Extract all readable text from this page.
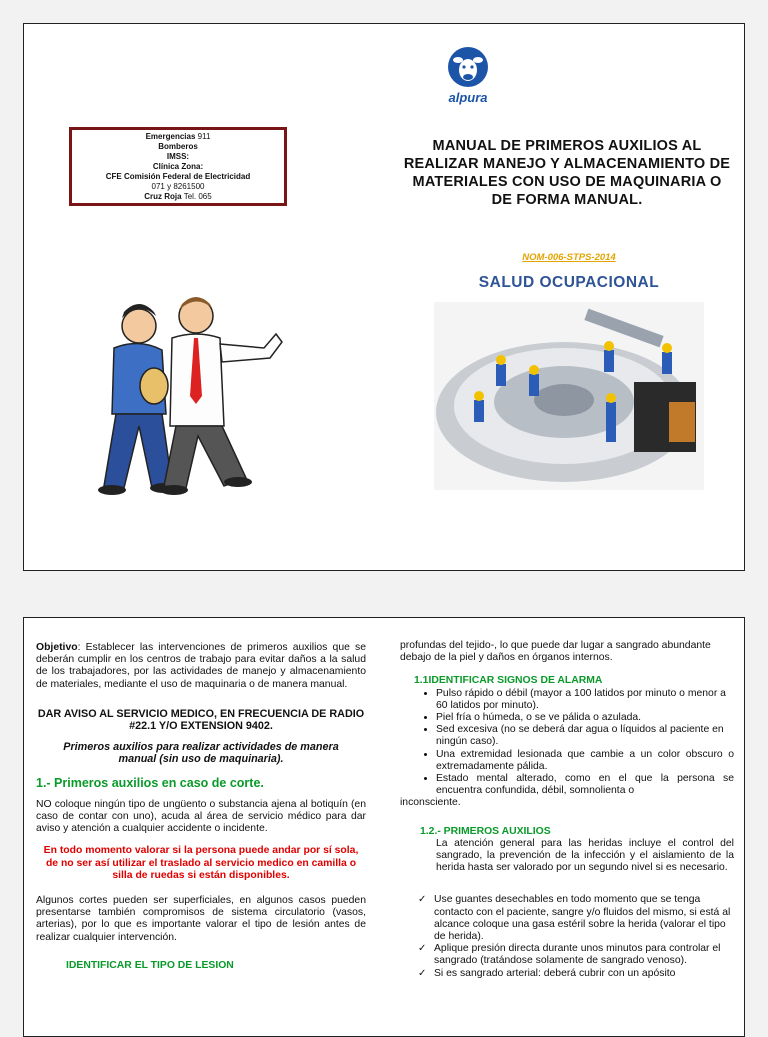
Emergencias 911
Bomberos
IMSS:
Clínica Zona:
CFE Comisión Federal de Electricidad
071 y 8261500
Cruz Roja Tel. 065
alpura
MANUAL DE PRIMEROS AUXILIOS AL REALIZAR MANEJO Y ALMACENAMIENTO DE MATERIALES CON USO DE MAQUINARIA O DE FORMA MANUAL.
NOM-006-STPS-2014
SALUD OCUPACIONAL

Objetivo: Establecer las intervenciones de primeros auxilios que se deberán cumplir en los centros de trabajo para evitar daños a la salud de los trabajadores, por las actividades de manejo y almacenamiento de materiales, mediante el uso de maquinaria o de manera manual.

DAR AVISO AL SERVICIO MEDICO, EN FRECUENCIA DE RADIO #22.1 Y/O EXTENSION 9402.

Primeros auxilios para realizar actividades de manera manual (sin uso de maquinaria).

1.- Primeros auxilios en caso de corte.

NO coloque ningún tipo de ungüento o substancia ajena al botiquín (en caso de contar con uno), acuda al área de servicio médico para dar aviso y atención a cualquier accidente o incidente.

En todo momento valorar si la persona puede andar por sí sola, de no ser así utilizar el traslado al servicio medico en camilla o silla de ruedas si están disponibles.

Algunos cortes pueden ser superficiales, en algunos casos pueden presentarse también compromisos de sistema circulatorio (vasos, arterias), por lo que es importante valorar el tipo de lesión antes de realizar cualquier intervención.

IDENTIFICAR EL TIPO DE LESION

profundas del tejido-, lo que puede dar lugar a sangrado abundante debajo de la piel y daños en órganos internos.

1.1IDENTIFICAR SIGNOS DE ALARMA

• Pulso rápido o débil (mayor a 100 latidos por minuto o menor a 60 latidos por minuto).
• Piel fría o húmeda, o se ve pálida o azulada.
• Sed excesiva (no se deberá dar agua o líquidos al paciente en ningún caso).
• Una extremidad lesionada que cambie a un color obscuro o extremadamente pálida.
• Estado mental alterado, como en el que la persona se encuentra confundida, débil, somnolienta o

inconsciente.

1.2.- PRIMEROS AUXILIOS

La atención general para las heridas incluye el control del sangrado, la prevención de la infección y el aislamiento de la herida hasta ser valorado por un segundo nivel si es necesario.

✓ Use guantes desechables en todo momento que se tenga contacto con el paciente, sangre y/o fluidos del mismo, si está al alcance coloque una gasa estéril sobre la herida (valorar el tipo de herida).
✓ Aplique presión directa durante unos minutos para controlar el sangrado (tratándose solamente de sangrado venoso).
✓ Si es sangrado arterial: deberá cubrir con un apósito
